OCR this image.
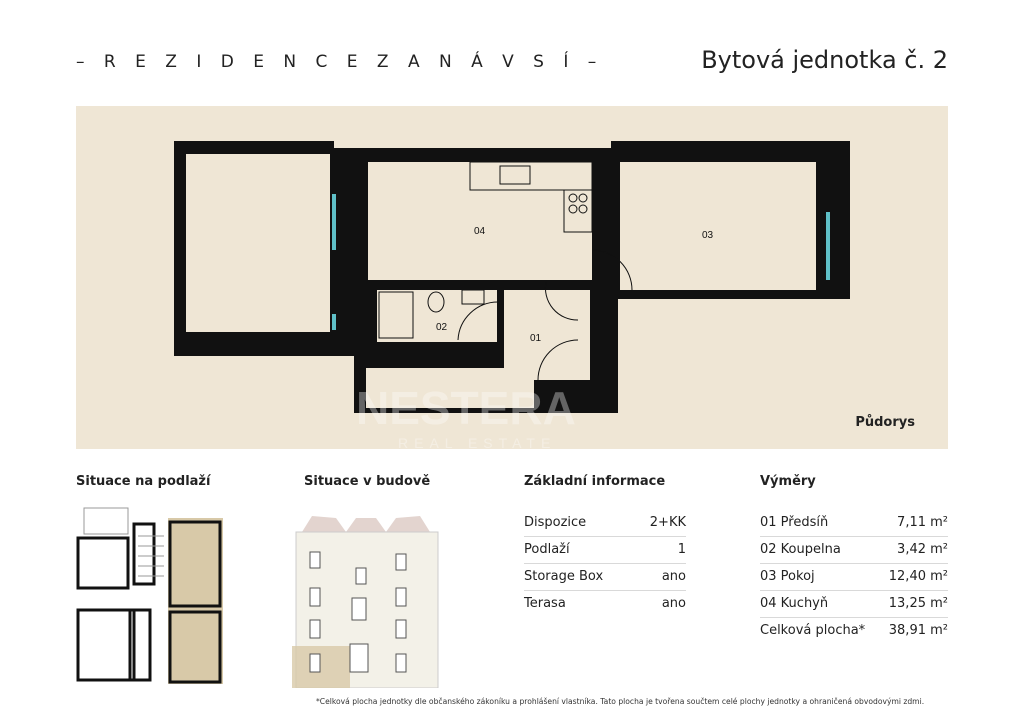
– R E Z I D E N C E Z A N Á V S Í –	Bytová jednotka č. 2
04	03
02
01
NESTERA
REAL ESTATE
Půdorys
Situace na podlaží	Situace v budově	Základní informace	Výměry
Dispozice	2+KK
Podlaží	1
Storage Box	ano
Terasa	ano
01 Předsíň	7,11 m²
02 Koupelna	3,42 m²
03 Pokoj	12,40 m²
04 Kuchyň	13,25 m²
Celková plocha* 38,91 m²
*Celková plocha jednotky dle občanského zákoníku a prohlášení vlastníka. Tato plocha je tvořena součtem celé plochy jednotky a ohraničená obvodovými zdmi.
